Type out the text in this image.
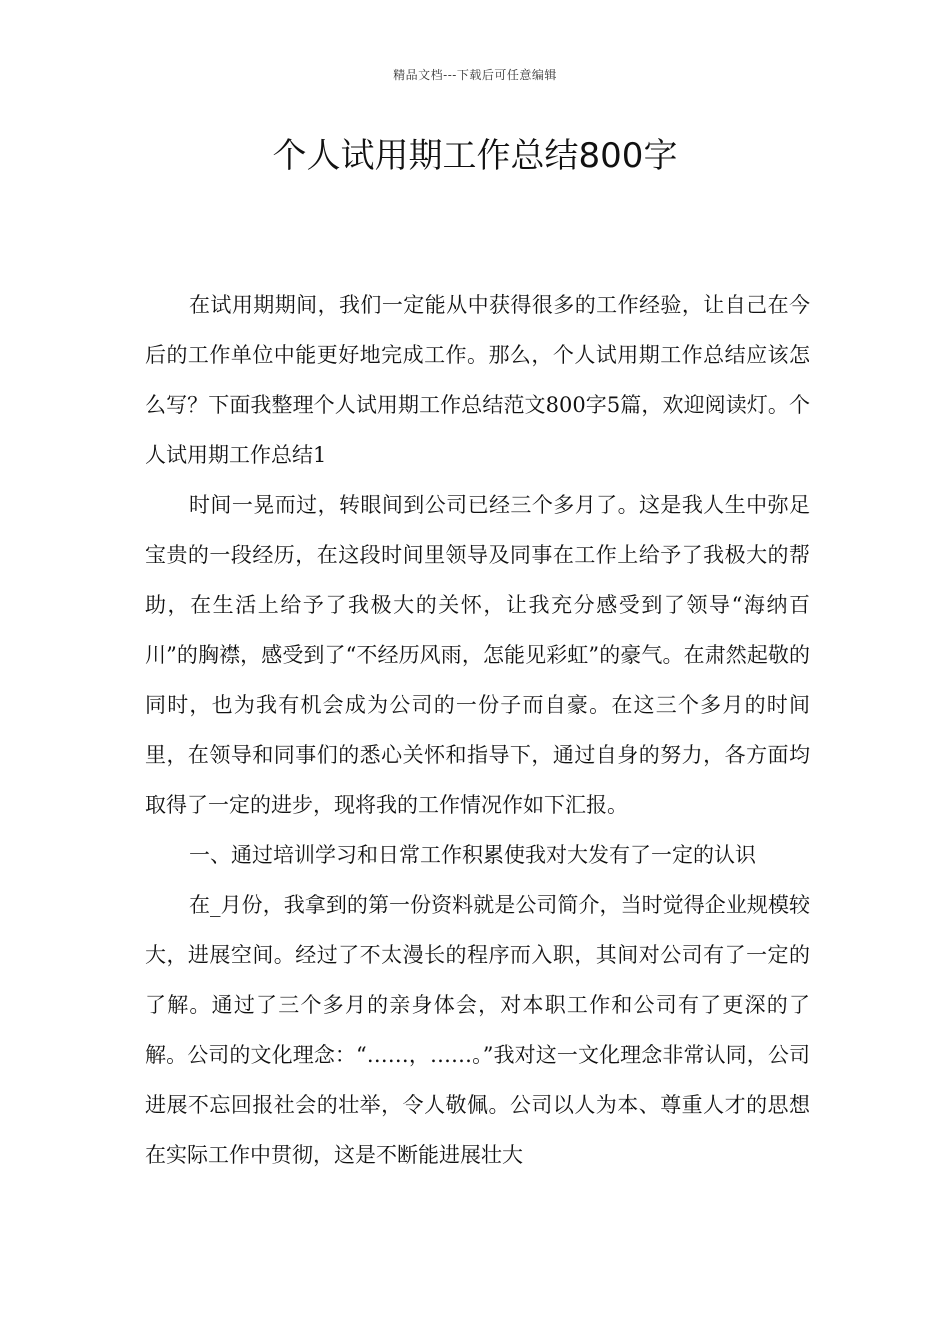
精品文档---下载后可任意编辑
个人试用期工作总结800字

在试用期期间，我们一定能从中获得很多的工作经验，让自己在今后的工作单位中能更好地完成工作。那么，个人试用期工作总结应该怎么写？下面我整理个人试用期工作总结范文800字5篇，欢迎阅读灯。个人试用期工作总结1

时间一晃而过，转眼间到公司已经三个多月了。这是我人生中弥足宝贵的一段经历，在这段时间里领导及同事在工作上给予了我极大的帮助，在生活上给予了我极大的关怀，让我充分感受到了领导“海纳百川”的胸襟，感受到了“不经历风雨，怎能见彩虹”的豪气。在肃然起敬的同时，也为我有机会成为公司的一份子而自豪。在这三个多月的时间里，在领导和同事们的悉心关怀和指导下，通过自身的努力，各方面均取得了一定的进步，现将我的工作情况作如下汇报。

一、通过培训学习和日常工作积累使我对大发有了一定的认识

在_月份，我拿到的第一份资料就是公司简介，当时觉得企业规模较大，进展空间。经过了不太漫长的程序而入职，其间对公司有了一定的了解。通过了三个多月的亲身体会，对本职工作和公司有了更深的了解。公司的文化理念：“……，……。”我对这一文化理念非常认同，公司进展不忘回报社会的壮举，令人敬佩。公司以人为本、尊重人才的思想在实际工作中贯彻，这是不断能进展壮大
